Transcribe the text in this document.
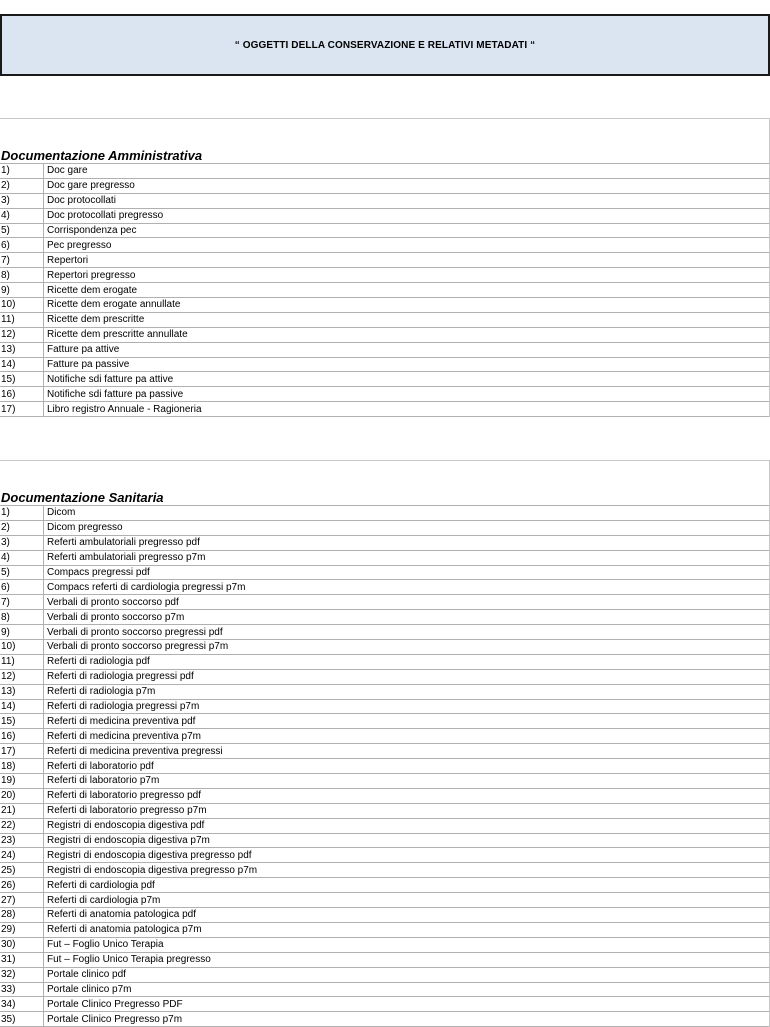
“ OGGETTI DELLA CONSERVAZIONE E RELATIVI METADATI “
Documentazione Amministrativa
1)	Doc gare
2)	Doc gare pregresso
3)	Doc protocollati
4)	Doc protocollati pregresso
5)	Corrispondenza pec
6)	Pec pregresso
7)	Repertori
8)	Repertori pregresso
9)	Ricette dem erogate
10)	Ricette dem erogate annullate
11)	Ricette dem prescritte
12)	Ricette dem prescritte annullate
13)	Fatture pa attive
14)	Fatture pa passive
15)	Notifiche sdi fatture pa attive
16)	Notifiche sdi fatture pa passive
17)	Libro registro Annuale - Ragioneria
Documentazione Sanitaria
1)	Dicom
2)	Dicom pregresso
3)	Referti ambulatoriali pregresso pdf
4)	Referti ambulatoriali pregresso p7m
5)	Compacs pregressi pdf
6)	Compacs referti di cardiologia pregressi p7m
7)	Verbali di pronto soccorso pdf
8)	Verbali di pronto soccorso p7m
9)	Verbali di pronto soccorso pregressi pdf
10)	Verbali di pronto soccorso pregressi p7m
11)	Referti di radiologia pdf
12)	Referti di radiologia pregressi pdf
13)	Referti di radiologia p7m
14)	Referti di radiologia pregressi p7m
15)	Referti di medicina preventiva pdf
16)	Referti di medicina preventiva p7m
17)	Referti di medicina preventiva pregressi
18)	Referti di laboratorio pdf
19)	Referti di laboratorio p7m
20)	Referti di laboratorio pregresso pdf
21)	Referti di laboratorio pregresso p7m
22)	Registri di endoscopia digestiva pdf
23)	Registri di endoscopia digestiva p7m
24)	Registri di endoscopia digestiva pregresso pdf
25)	Registri di endoscopia digestiva pregresso p7m
26)	Referti di cardiologia pdf
27)	Referti di cardiologia p7m
28)	Referti di anatomia patologica pdf
29)	Referti di anatomia patologica p7m
30)	Fut – Foglio Unico Terapia
31)	Fut – Foglio Unico Terapia pregresso
32)	Portale clinico pdf
33)	Portale clinico p7m
34)	Portale Clinico Pregresso PDF
35)	Portale Clinico Pregresso p7m
